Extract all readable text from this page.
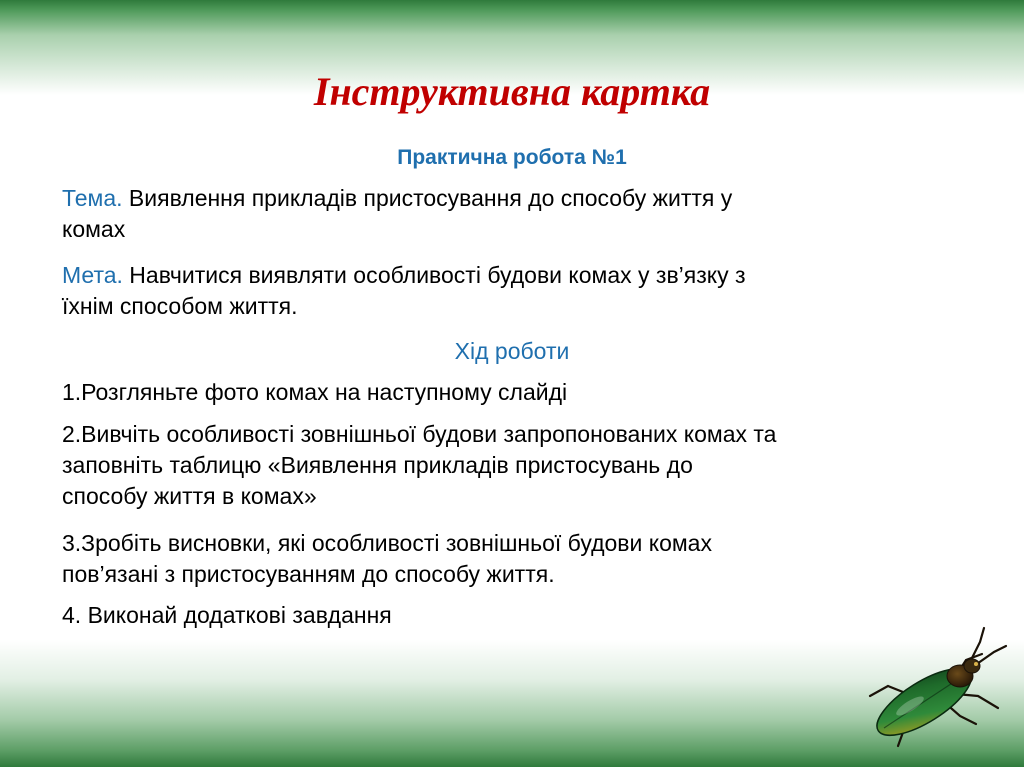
Інструктивна картка
Практична робота №1
Тема. Виявлення прикладів пристосування до способу життя у
комах
Мета. Навчитися виявляти особливості будови комах у зв’язку з
їхнім способом життя.
Хід роботи
1.Розгляньте фото комах на наступному слайді
2.Вивчіть особливості зовнішньої будови запропонованих комах та
заповніть таблицю «Виявлення прикладів пристосувань до
способу життя в комах»
3.Зробіть висновки, які особливості зовнішньої будови комах
пов’язані з пристосуванням до способу життя.
4. Виконай додаткові завдання
